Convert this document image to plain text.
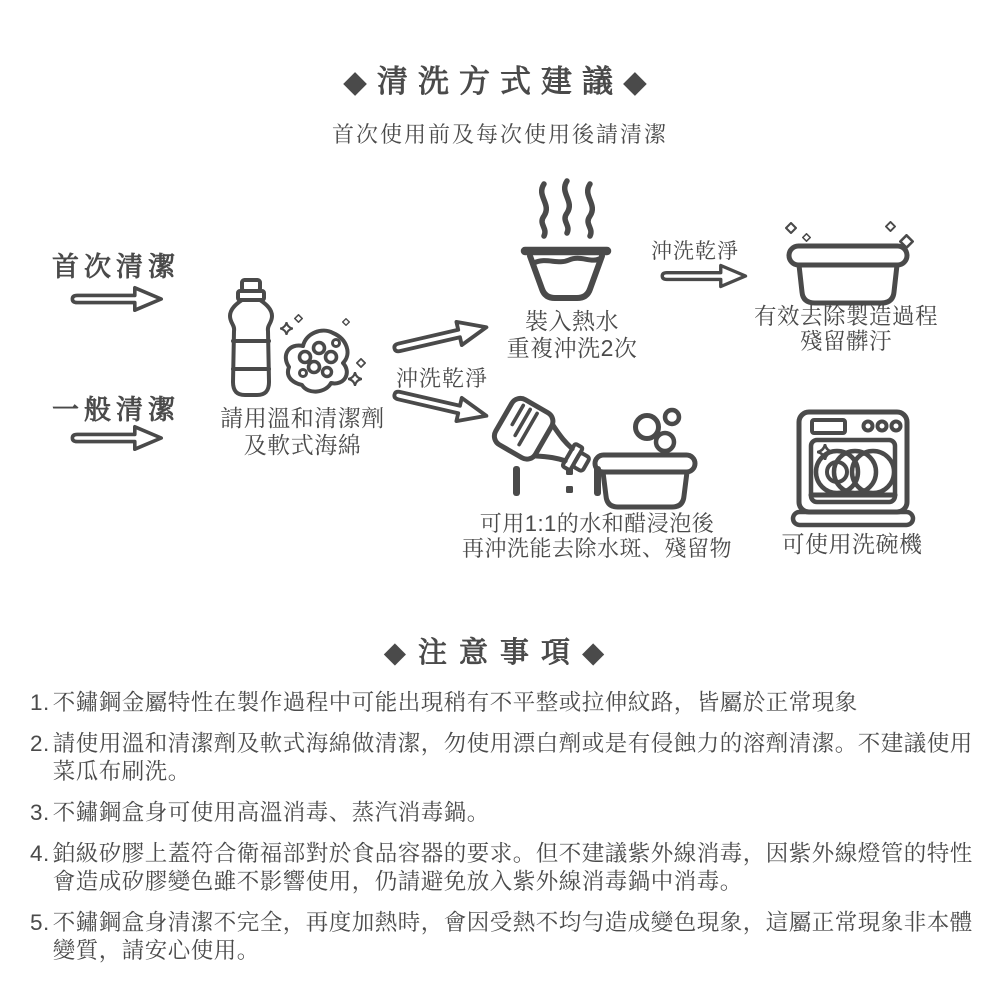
◆清洗方式建議◆
首次使用前及每次使用後請清潔
首次清潔
一般清潔	請用溫和清潔劑
及軟式海綿
沖洗乾淨
裝入熱水
重複沖洗2次
沖洗乾淨
有效去除製造過程
殘留髒汙
可用1:1的水和醋浸泡後
再沖洗能去除水斑、殘留物	可使用洗碗機
◆注意事項◆
1. 不鏽鋼金屬特性在製作過程中可能出現稍有不平整或拉伸紋路，皆屬於正常現象
2. 請使用溫和清潔劑及軟式海綿做清潔，勿使用漂白劑或是有侵蝕力的溶劑清潔。不建議使用菜瓜布刷洗。
3. 不鏽鋼盒身可使用高溫消毒、蒸汽消毒鍋。
4. 鉑級矽膠上蓋符合衛福部對於食品容器的要求。但不建議紫外線消毒，因紫外線燈管的特性會造成矽膠變色雖不影響使用，仍請避免放入紫外線消毒鍋中消毒。
5. 不鏽鋼盒身清潔不完全，再度加熱時，會因受熱不均勻造成變色現象，這屬正常現象非本體變質，請安心使用。
